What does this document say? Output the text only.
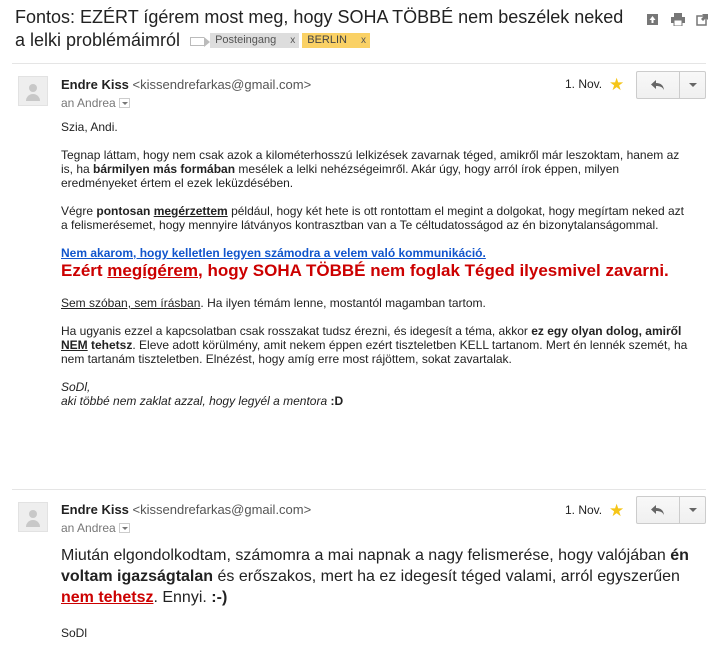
Fontos: EZÉRT ígérem most meg, hogy SOHA TÖBBÉ nem beszélek neked a lelki problémáimról	Posteingang x BERLIN x
Endre Kiss <kissendrefarkas@gmail.com>
an Andrea
1. Nov. ★

Szia, Andi.

Tegnap láttam, hogy nem csak azok a kilométerhosszú lelkizések zavarnak téged, amikről már leszoktam, hanem az is, ha bármilyen más formában mesélek a lelki nehézségeimről. Akár úgy, hogy arról írok éppen, milyen eredményeket értem el ezek leküzdésében.

Végre pontosan megérzettem például, hogy két hete is ott rontottam el megint a dolgokat, hogy megírtam neked azt a felismerésemet, hogy mennyire látványos kontrasztban van a Te céltudatosságod az én bizonytalanságommal.

Nem akarom, hogy kelletlen legyen számodra a velem való kommunikáció.

Ezért megígérem, hogy SOHA TÖBBÉ nem foglak Téged ilyesmivel zavarni.

Sem szóban, sem írásban. Ha ilyen témám lenne, mostantól magamban tartom.

Ha ugyanis ezzel a kapcsolatban csak rosszakat tudsz érezni, és idegesít a téma, akkor ez egy olyan dolog, amiről NEM tehetsz. Eleve adott körülmény, amit nekem éppen ezért tiszteletben KELL tartanom. Mert én lennék szemét, ha nem tartanám tiszteletben. Elnézést, hogy amíg erre most rájöttem, sokat zavartalak.

SoDl,

aki többé nem zaklat azzal, hogy legyél a mentora :D

Endre Kiss <kissendrefarkas@gmail.com>
an Andrea
1. Nov. ★

Miután elgondolkodtam, számomra a mai napnak a nagy felismerése, hogy valójában én voltam igazságtalan és erőszakos, mert ha ez idegesít téged valami, arról egyszerűen nem tehetsz. Ennyi. :-)

SoDl
